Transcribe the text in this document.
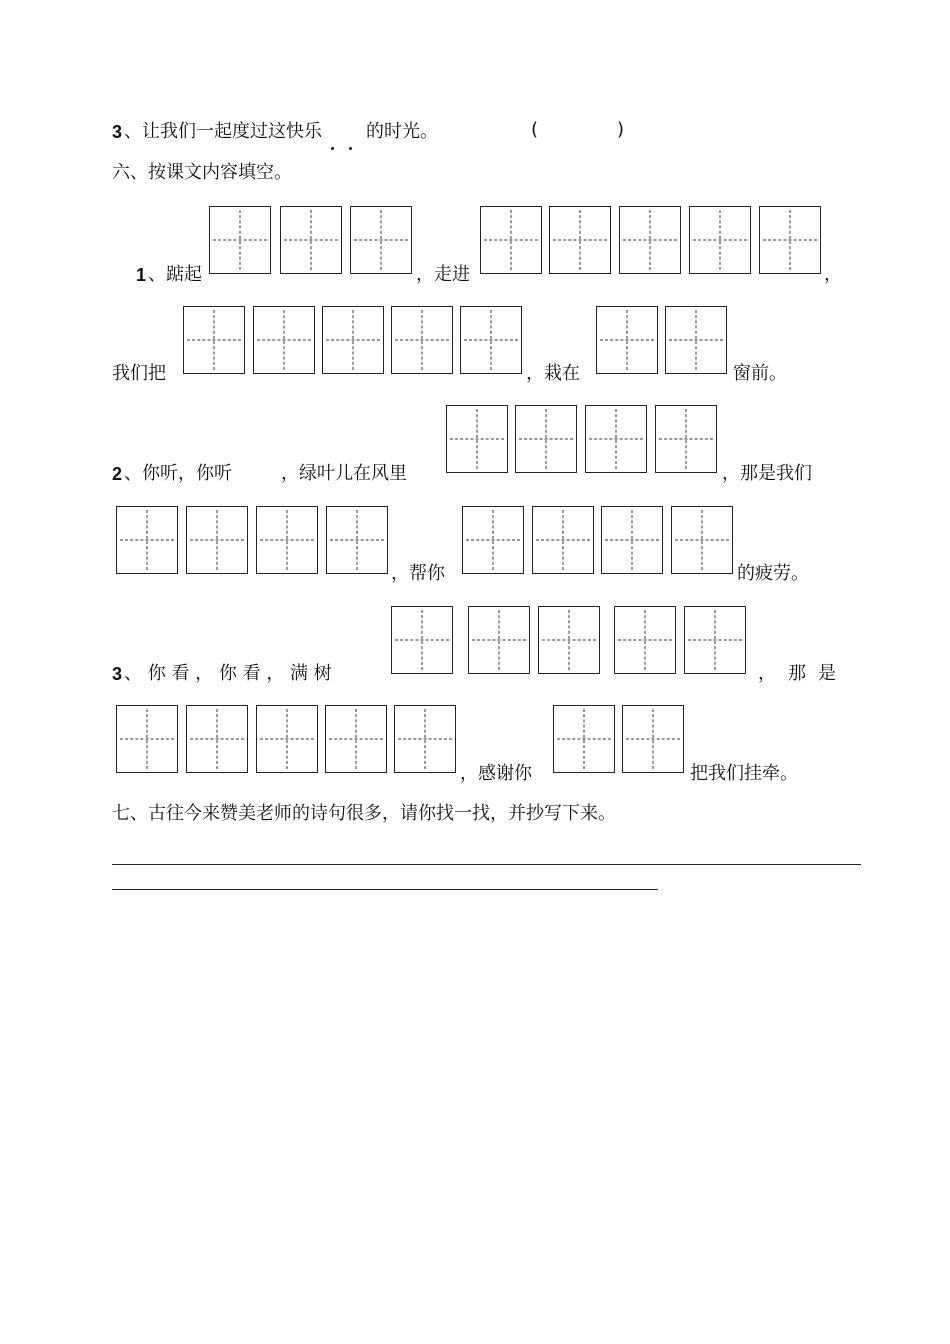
3 、让我们一起度过这快乐 的时光。	(	)
六、按课文内容填空。
1 、踮起	，走进	，
我们把	，栽在	窗前。
2 、你听，你听	，绿叶儿在风里	，那是我们
，帮你	的疲劳。
3 、 你 看 ， 你 看 ， 满 树	，那是
，感谢你	把我们挂牵。
七、古往今来赞美老师的诗句很多，请你找一找，并抄写下来。
